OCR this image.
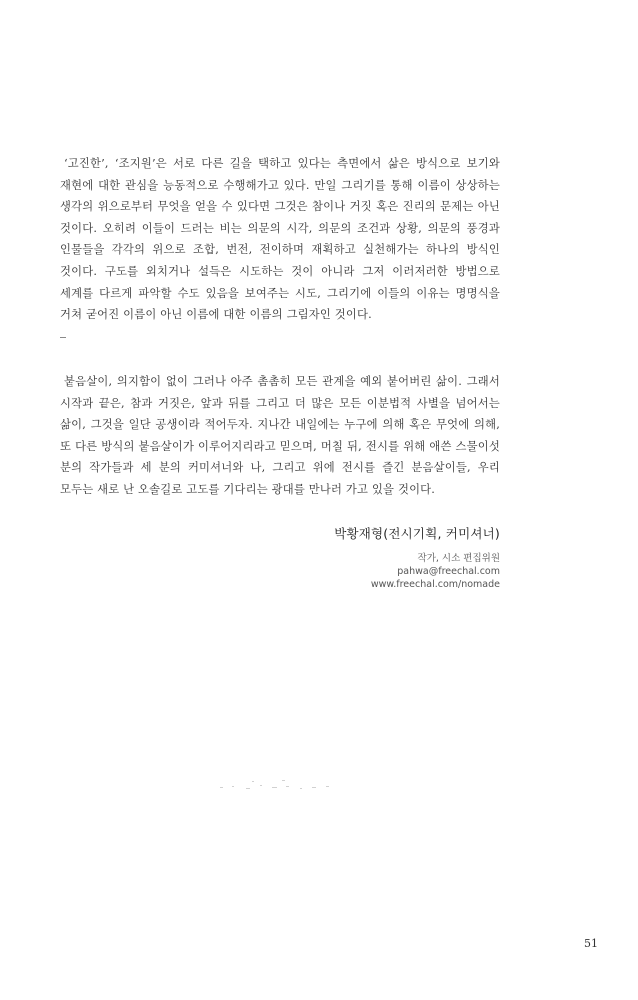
‘고진한’, ‘조지원’은 서로 다른 길을 택하고 있다는 측면에서 삶은 방식으로 보기와 재현에 대한 관심을 능동적으로 수행해가고 있다. 만일 그리기를 통해 이름이 상상하는 생각의 위으로부터 무엇을 얻을 수 있다면 그것은 참이나 거짓 혹은 진리의 문제는 아닌 것이다. 오히려 이들이 드러는 비는 의문의 시각, 의문의 조건과 상황, 의문의 풍경과 인물들을 각각의 위으로 조합, 번전, 전이하며 재획하고 실천해가는 하나의 방식인 것이다. 구도를 외치거나 설득은 시도하는 것이 아니라 그저 이러저러한 방법으로 세계를 다르게 파악할 수도 있음을 보여주는 시도, 그리기에 이들의 이유는 명명식을 거쳐 굳어진 이름이 아닌 이름에 대한 이름의 그림자인 것이다.
붙음살이, 의지함이 없이 그러나 아주 촘촘히 모든 관계을 예외 붙어버린 삶이. 그래서 시작과 끝은, 참과 거짓은, 앞과 뒤를 그리고 더 많은 모든 이분법적 사별을 넘어서는 삶이, 그것을 일단 공생이라 적어두자. 지나간 내일에는 누구에 의해 혹은 무엇에 의해, 또 다른 방식의 붙음살이가 이루어지리라고 믿으며, 머칠 뒤, 전시를 위해 애쓴 스물이섯 분의 작가들과 세 분의 커미셔너와 나, 그리고 위에 전시를 즐긴 분음살이들, 우리 모두는 새로 난 오솔길로 고도를 기다리는 광대를 만나러 가고 있을 것이다.
박황재형(전시기획, 커미셔너)
작가, 시소 편집위원
pahwa@freechal.com
www.freechal.com/nomade
51
